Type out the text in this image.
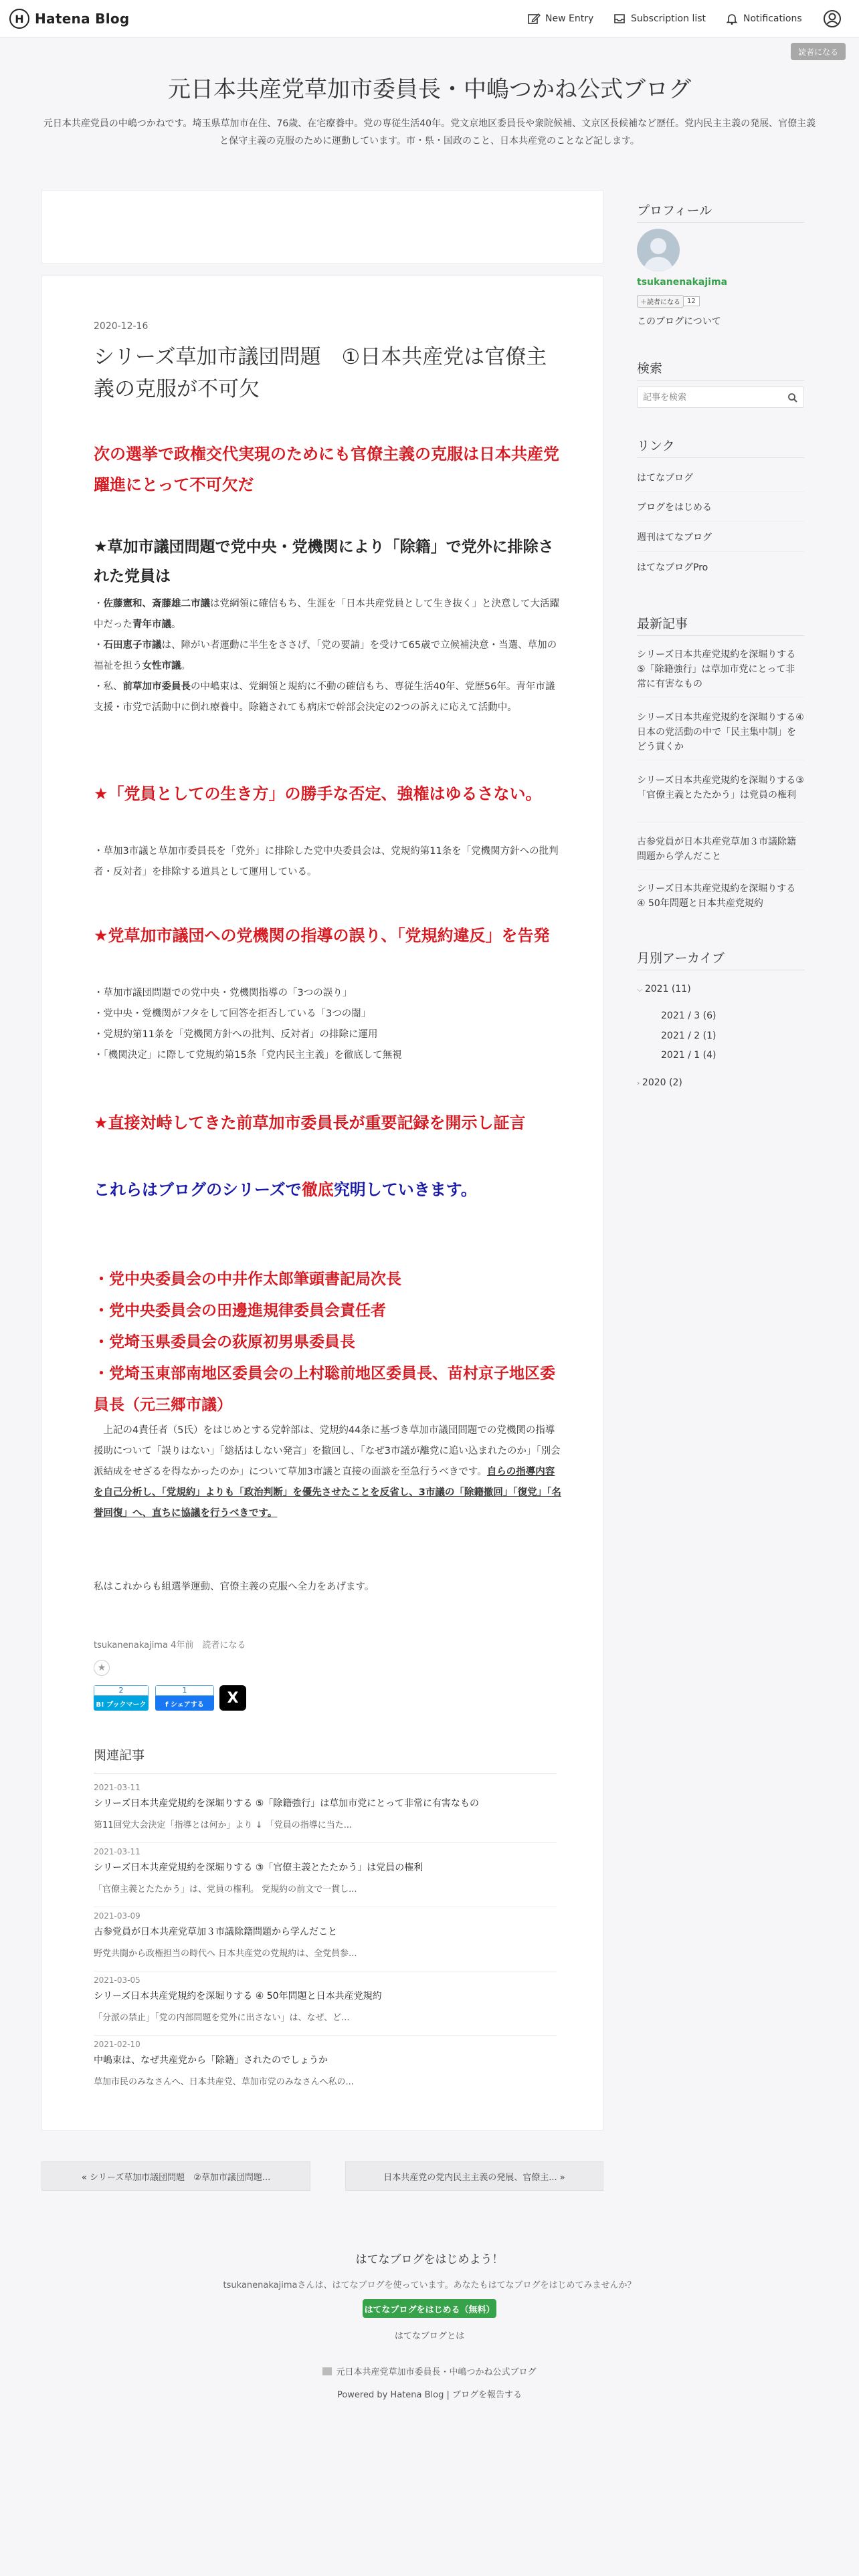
H Hatena Blog	New Entry	Subscription list	Notifications
読者になる
元日本共産党草加市委員長・中嶋つかね公式ブログ
元日本共産党員の中嶋つかねです。埼玉県草加市在住、76歳、在宅療養中。党の専従生活40年。党文京地区委員長や衆院候補、文京区長候補など歴任。党内民主主義の発展、官僚主義と保守主義の克服のために運動しています。市・県・国政のこと、日本共産党のことなど記します。
2020-12-16
シリーズ草加市議団問題　①日本共産党は官僚主義の克服が不可欠
次の選挙で政権交代実現のためにも官僚主義の克服は日本共産党躍進にとって不可欠だ
★草加市議団問題で党中央・党機関により「除籍」で党外に排除された党員は
・佐藤憲和、斎藤雄二市議は党綱領に確信もち、生涯を「日本共産党員として生き抜く」と決意して大活躍中だった青年市議。
・石田恵子市議は、障がい者運動に半生をささげ、「党の要請」を受けて65歳で立候補決意・当選、草加の福祉を担う女性市議。
・私、前草加市委員長の中嶋束は、党綱領と規約に不動の確信もち、専従生活40年、党歴56年。青年市議支援・市党で活動中に倒れ療養中。除籍されても病床で幹部会決定の2つの訴えに応えて活動中。
★「党員としての生き方」の勝手な否定、強権はゆるさない。
・草加3市議と草加市委員長を「党外」に排除した党中央委員会は、党規約第11条を「党機関方針への批判者・反対者」を排除する道具として運用している。
★党草加市議団への党機関の指導の誤り、「党規約違反」を告発
・草加市議団問題での党中央・党機関指導の「3つの誤り」
・党中央・党機関がフタをして回答を拒否している「3つの闇」
・党規約第11条を「党機関方針への批判、反対者」の排除に運用
・「機関決定」に際して党規約第15条「党内民主主義」を徹底して無視
★直接対峙してきた前草加市委員長が重要記録を開示し証言
これらはブログのシリーズで徹底究明していきます。
・党中央委員会の中井作太郎筆頭書記局次長
・党中央委員会の田邊進規律委員会責任者
・党埼玉県委員会の荻原初男県委員長
・党埼玉東部南地区委員会の上村聡前地区委員長、苗村京子地区委員長（元三郷市議）
上記の4責任者（5氏）をはじめとする党幹部は、党規約44条に基づき草加市議団問題での党機関の指導援助について「誤りはない」「総括はしない発言」を撤回し、「なぜ3市議が離党に追い込まれたのか」「別会派結成をせざるを得なかったのか」について草加3市議と直接の面談を至急行うべきです。自らの指導内容を自己分析し、「党規約」よりも「政治判断」を優先させたことを反省し、3市議の「除籍撤回」「復党」「名誉回復」へ、直ちに協議を行うべきです。
私はこれからも組選挙運動、官僚主義の克服へ全力をあげます。
tsukanenakajima 4年前　読者になる
★
2
B! ブックマーク
1
f シェアする	X
関連記事
2021-03-11
シリーズ日本共産党規約を深堀りする ⑤「除籍強行」は草加市党にとって非常に有害なもの
第11回党大会決定「指導とは何か」より ↓ 「党員の指導に当た...
2021-03-11
シリーズ日本共産党規約を深堀りする ③「官僚主義とたたかう」は党員の権利
「官僚主義とたたかう」は、党員の権利。 党規約の前文で一貫し...
2021-03-09
古参党員が日本共産党草加３市議除籍問題から学んだこと
野党共闘から政権担当の時代へ 日本共産党の党規約は、全党員参...
2021-03-05
シリーズ日本共産党規約を深堀りする ④ 50年問題と日本共産党規約
「分派の禁止」「党の内部問題を党外に出さない」は、なぜ、ど...
2021-02-10
中嶋束は、なぜ共産党から「除籍」されたのでしょうか
草加市民のみなさんへ、日本共産党、草加市党のみなさんへ私の...
« シリーズ草加市議団問題　②草加市議団問題...	日本共産党の党内民主主義の発展、官僚主... »
プロフィール
tsukanenakajima
＋読者になる	12
このブログについて
検索
記事を検索
リンク
はてなブログ
ブログをはじめる
週刊はてなブログ
はてなブログPro
最新記事
シリーズ日本共産党規約を深堀りする　⑤「除籍強行」は草加市党にとって非常に有害なもの
シリーズ日本共産党規約を深堀りする④日本の党活動の中で「民主集中制」をどう貫くか
シリーズ日本共産党規約を深堀りする③「官僚主義とたたかう」は党員の権利
古参党員が日本共産党草加３市議除籍問題から学んだこと
シリーズ日本共産党規約を深堀りする　④ 50年問題と日本共産党規約
月別アーカイブ
⌵ 2021 (11)
2021 / 3 (6)
2021 / 2 (1)
2021 / 1 (4)
› 2020 (2)
はてなブログをはじめよう！
tsukanenakajimaさんは、はてなブログを使っています。あなたもはてなブログをはじめてみませんか？
はてなブログをはじめる（無料）
はてなブログとは
元日本共産党草加市委員長・中嶋つかね公式ブログ
Powered by Hatena Blog | ブログを報告する
